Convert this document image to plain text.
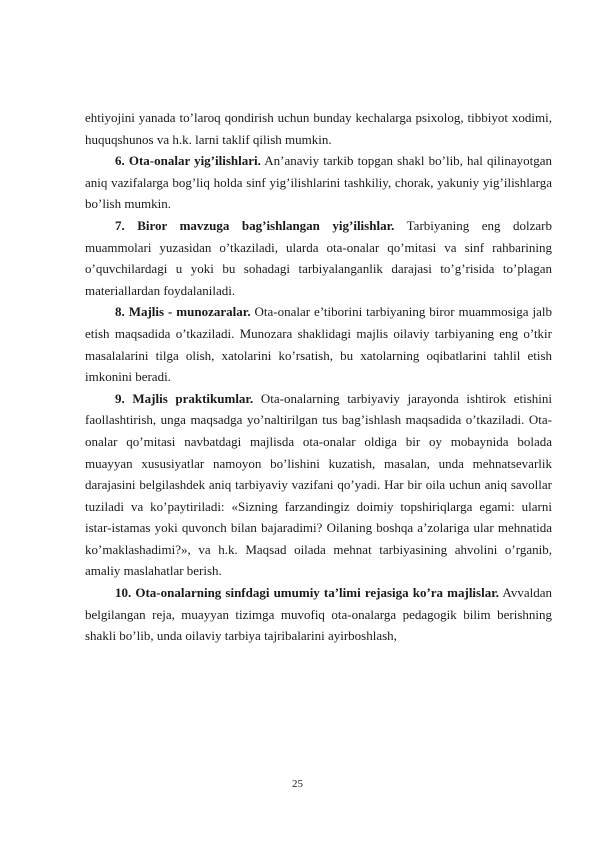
ehtiyojini yanada to’laroq qondirish uchun bunday kechalarga psixolog, tibbiyot xodimi, huquqshunos va h.k. larni taklif qilish mumkin.

6. Ota-onalar yig’ilishlari. An’anaviy tarkib topgan shakl bo’lib, hal qilinayotgan aniq vazifalarga bog’liq holda sinf yig’ilishlarini tashkiliy, chorak, yakuniy yig’ilishlarga bo’lish mumkin.

7. Biror mavzuga bag’ishlangan yig’ilishlar. Tarbiyaning eng dolzarb muammolari yuzasidan o’tkaziladi, ularda ota-onalar qo’mitasi va sinf rahbarining o’quvchilardagi u yoki bu sohadagi tarbiyalanganlik darajasi to’g’risida to’plagan materiallardan foydalaniladi.

8. Majlis - munozaralar. Ota-onalar e’tiborini tarbiyaning biror muammosiga jalb etish maqsadida o’tkaziladi. Munozara shaklidagi majlis oilaviy tarbiyaning eng o’tkir masalalarini tilga olish, xatolarini ko’rsatish, bu xatolarning oqibatlarini tahlil etish imkonini beradi.

9. Majlis praktikumlar. Ota-onalarning tarbiyaviy jarayonda ishtirok etishini faollashtirish, unga maqsadga yo’naltirilgan tus bag’ishlash maqsadida o’tkaziladi. Ota-onalar qo’mitasi navbatdagi majlisda ota-onalar oldiga bir oy mobaynida bolada muayyan xususiyatlar namoyon bo’lishini kuzatish, masalan, unda mehnatsevarlik darajasini belgilashdek aniq tarbiyaviy vazifani qo’yadi. Har bir oila uchun aniq savollar tuziladi va ko’paytiriladi: «Sizning farzandingiz doimiy topshiriqlarga egami: ularni istar-istamas yoki quvonch bilan bajaradimi? Oilaning boshqa a’zolariga ular mehnatida ko’maklashadimi?», va h.k. Maqsad oilada mehnat tarbiyasining ahvolini o’rganib, amaliy maslahatlar berish.

10. Ota-onalarning sinfdagi umumiy ta’limi rejasiga ko’ra majlislar. Avvaldan belgilangan reja, muayyan tizimga muvofiq ota-onalarga pedagogik bilim berishning shakli bo’lib, unda oilaviy tarbiya tajribalarini ayirboshlash,

25
